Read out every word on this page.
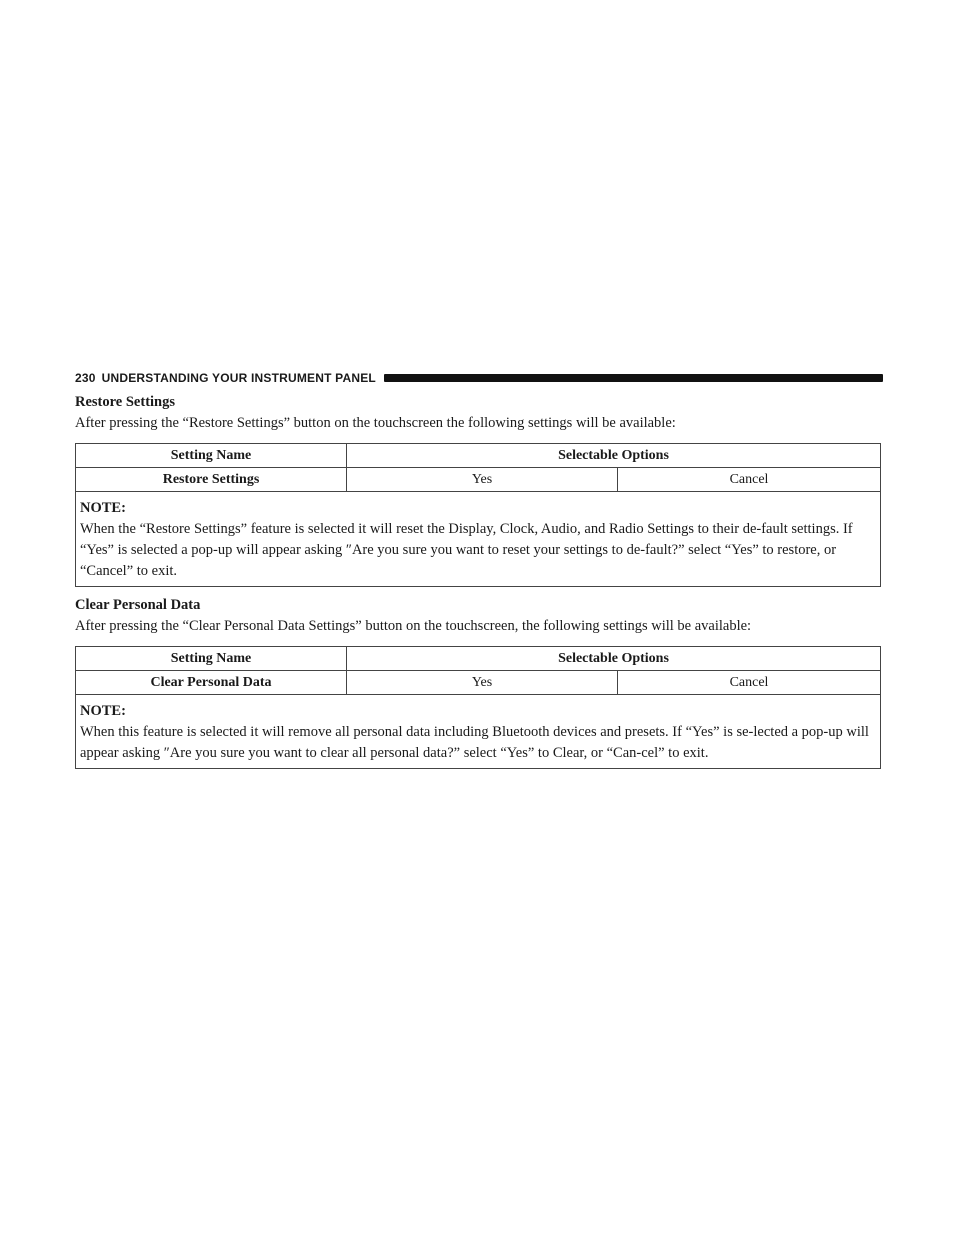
230 UNDERSTANDING YOUR INSTRUMENT PANEL
Restore Settings
After pressing the “Restore Settings” button on the touchscreen the following settings will be available:
Setting Name	Selectable Options	
Restore Settings	Yes	Cancel

NOTE:
When the “Restore Settings” feature is selected it will reset the Display, Clock, Audio, and Radio Settings to their de-fault settings. If “Yes” is selected a pop-up will appear asking ″Are you sure you want to reset your settings to de-fault?” select “Yes” to restore, or “Cancel” to exit.		
Clear Personal Data
After pressing the “Clear Personal Data Settings” button on the touchscreen, the following settings will be available:
Setting Name	Selectable Options	
Clear Personal Data	Yes	Cancel

NOTE:
When this feature is selected it will remove all personal data including Bluetooth devices and presets. If “Yes” is se-lected a pop-up will appear asking ″Are you sure you want to clear all personal data?” select “Yes” to Clear, or “Can-cel” to exit.		
